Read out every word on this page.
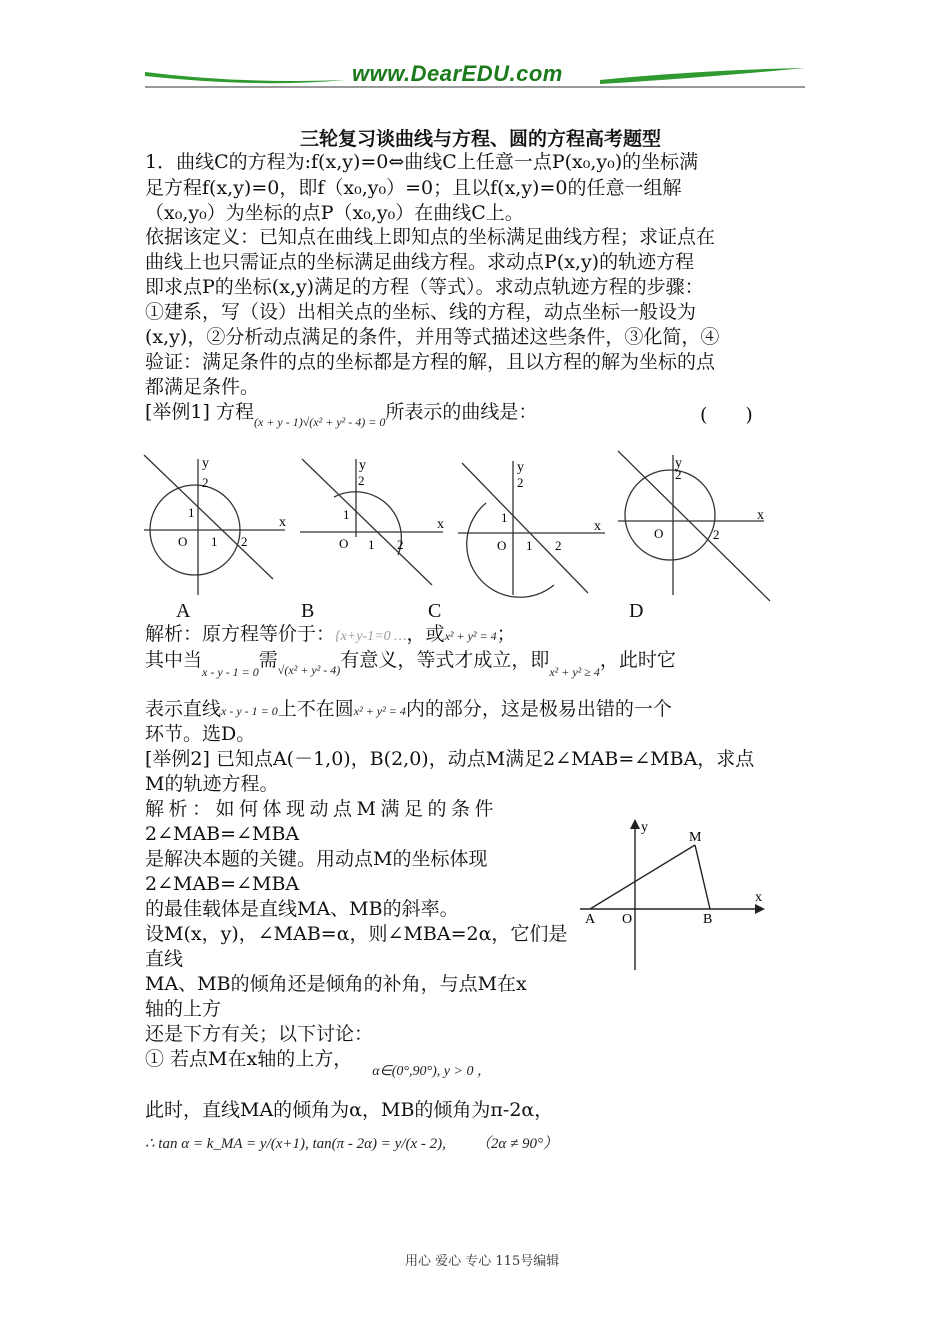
www.DearEDU.com
三轮复习谈曲线与方程、圆的方程高考题型
1．曲线C的方程为:f(x,y)=0⇔曲线C上任意一点P(x₀,y₀)的坐标满
足方程f(x,y)=0，即f（x₀,y₀）=0；且以f(x,y)=0的任意一组解
（x₀,y₀）为坐标的点P（x₀,y₀）在曲线C上。
依据该定义：已知点在曲线上即知点的坐标满足曲线方程；求证点在
曲线上也只需证点的坐标满足曲线方程。求动点P(x,y)的轨迹方程
即求点P的坐标(x,y)满足的方程（等式）。求动点轨迹方程的步骤：
①建系，写（设）出相关点的坐标、线的方程，动点坐标一般设为
(x,y)，②分析动点满足的条件，并用等式描述这些条件，③化简，④
验证：满足条件的点的坐标都是方程的解，且以方程的解为坐标的点
都满足条件。
[举例1] 方程$_{(x + y - 1)√(x^2 + y^2 - 4) = 0}$所表示的曲线是：	(　　)
y
2
1
x
O 1 2
y
2
1
x
O 1 2
y
2
1
x
O 1 2
y
2
x
O	2
A	B	C	D
解析：原方程等价于：{x+y-1=0 …，或x² + y² = 4；
其中当$_{x - y - 1 = 0}$需$_{√(x^2 + y^2 - 4)}$有意义，等式才成立，即$_{x^2 + y^2 \ge 4}$，此时它
表示直线x - y - 1 = 0上不在圆x² + y² = 4内的部分，这是极易出错的一个
环节。选D。
[举例2] 已知点A(－1,0)，B(2,0)，动点M满足2∠MAB=∠MBA，求点
M的轨迹方程。
解析：如何体现动点M满足的条件
2∠MAB=∠MBA
是解决本题的关键。用动点M的坐标体现
2∠MAB=∠MBA
的最佳载体是直线MA、MB的斜率。
设M(x，y)，∠MAB=α，则∠MBA=2α，它们是
直线
MA、MB的倾角还是倾角的补角，与点M在x
轴的上方
还是下方有关；以下讨论：
① 若点M在x轴的上方，$_{\alpha\in(0^\circ,90^\circ), y > 0 ,}$
此时，直线MA的倾角为α，MB的倾角为π-2α，
∴ tan α = k_MA = y/(x+1), tan(π - 2α) = y/(x - 2), （2α ≠ 90°）
y
x
A O	B
M
用心 爱心 专心 115号编辑
